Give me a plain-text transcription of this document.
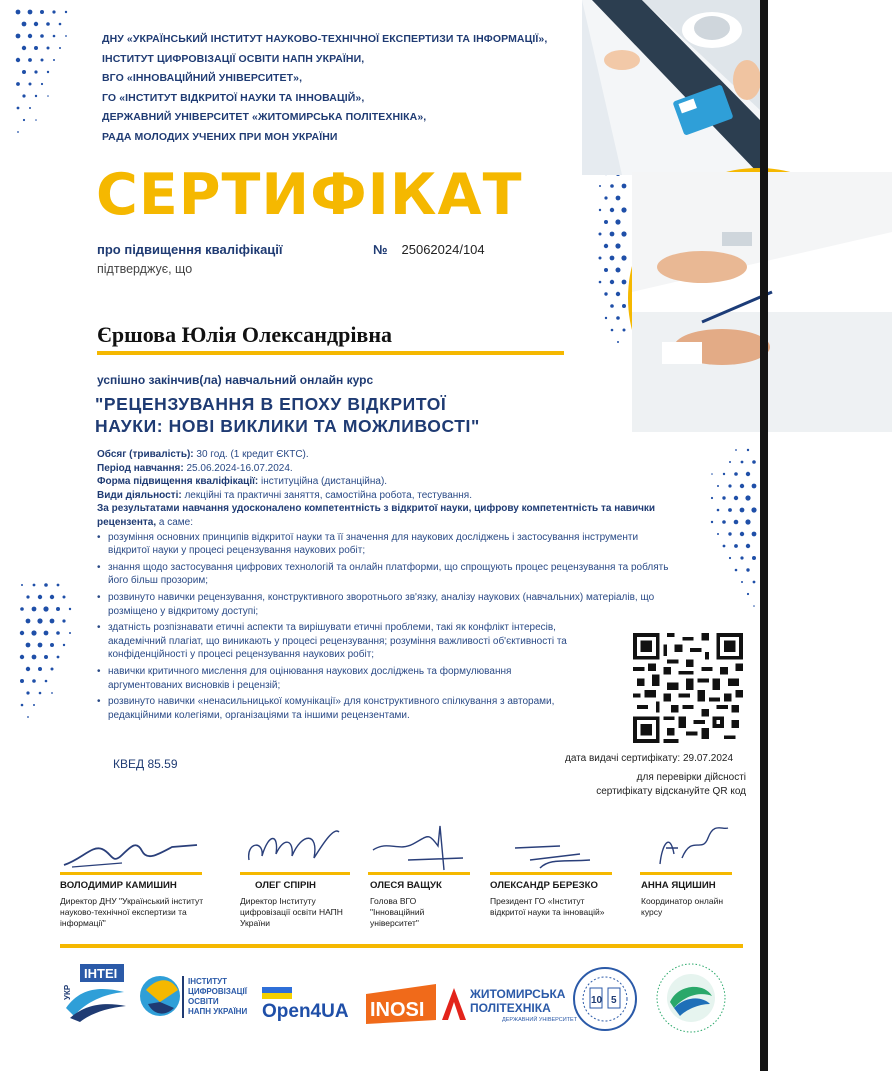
ДНУ «УКРАЇНСЬКИЙ ІНСТИТУТ НАУКОВО-ТЕХНІЧНОЇ ЕКСПЕРТИЗИ ТА ІНФОРМАЦІЇ»,
ІНСТИТУТ ЦИФРОВІЗАЦІЇ ОСВІТИ НАПН УКРАЇНИ,
ВГО «ІННОВАЦІЙНИЙ УНІВЕРСИТЕТ»,
ГО «ІНСТИТУТ ВІДКРИТОЇ НАУКИ ТА ІННОВАЦІЙ»,
ДЕРЖАВНИЙ УНІВЕРСИТЕТ «ЖИТОМИРСЬКА ПОЛІТЕХНІКА»,
РАДА МОЛОДИХ УЧЕНИХ ПРИ МОН УКРАЇНИ
СЕРТИФІКАТ
про підвищення кваліфікації
підтверджує, що
№ 25062024/104
Єршова Юлія Олександрівна
успішно закінчив(ла) навчальний онлайн курс
"РЕЦЕНЗУВАННЯ В ЕПОХУ ВІДКРИТОЇ
НАУКИ: НОВІ ВИКЛИКИ ТА МОЖЛИВОСТІ"
Обсяг (тривалість): 30 год. (1 кредит ЄКТС).
Період навчання: 25.06.2024-16.07.2024.
Форма підвищення кваліфікації: інституційна (дистанційна).
Види діяльності: лекційні та практичні заняття, самостійна робота, тестування.
За результатами навчання удосконалено компетентність з відкритої науки, цифрову компетентність та навички рецензента, а саме:
• розуміння основних принципів відкритої науки та її значення для наукових досліджень і застосування інструменти відкритої науки у процесі рецензування наукових робіт;
• знання щодо застосування цифрових технологій та онлайн платформи, що спрощують процес рецензування та роблять його більш прозорим;
• розвинуто навички рецензування, конструктивного зворотнього зв'язку, аналізу наукових (навчальних) матеріалів, що розміщено у відкритому доступі;
• здатність розпізнавати етичні аспекти та вирішувати етичні проблеми, такі як конфлікт інтересів, академічний плагіат, що виникають у процесі рецензування; розуміння важливості об'єктивності та конфіденційності у процесі рецензування наукових робіт;
• навички критичного мислення для оцінювання наукових досліджень та формулювання аргументованих висновків і рецензій;
• розвинуто навички «ненасильницької комунікації» для конструктивного спілкування з авторами, редакційними колегіями, організаціями та іншими рецензентами.
КВЕД 85.59	дата видачі сертифікату: 29.07.2024
для перевірки дійсності
сертифікату відскануйте QR код
ВОЛОДИМИР КАМИШИН	ОЛЕГ СПІРІН	ОЛЕСЯ ВАЩУК	ОЛЕКСАНДР БЕРЕЗКО	АННА ЯЦИШИН
Директор ДНУ "Український інститут науково-технічної експертизи та інформації"
Директор Інституту цифровізації освіти НАПН України
Голова ВГО "Інноваційний університет"
Президент ГО «Інститут відкритої науки та інновацій»
Координатор онлайн курсу
ІНТЕІ
УКР
ІНСТИТУТ
ЦИФРОВІЗАЦІЇ
ОСВІТИ
НАПН УКРАЇНИ Open4UA INOSI
ЖИТОМИРСЬКА
ПОЛІТЕХНІКА
ДЕРЖАВНИЙ УНІВЕРСИТЕТ
10 5
